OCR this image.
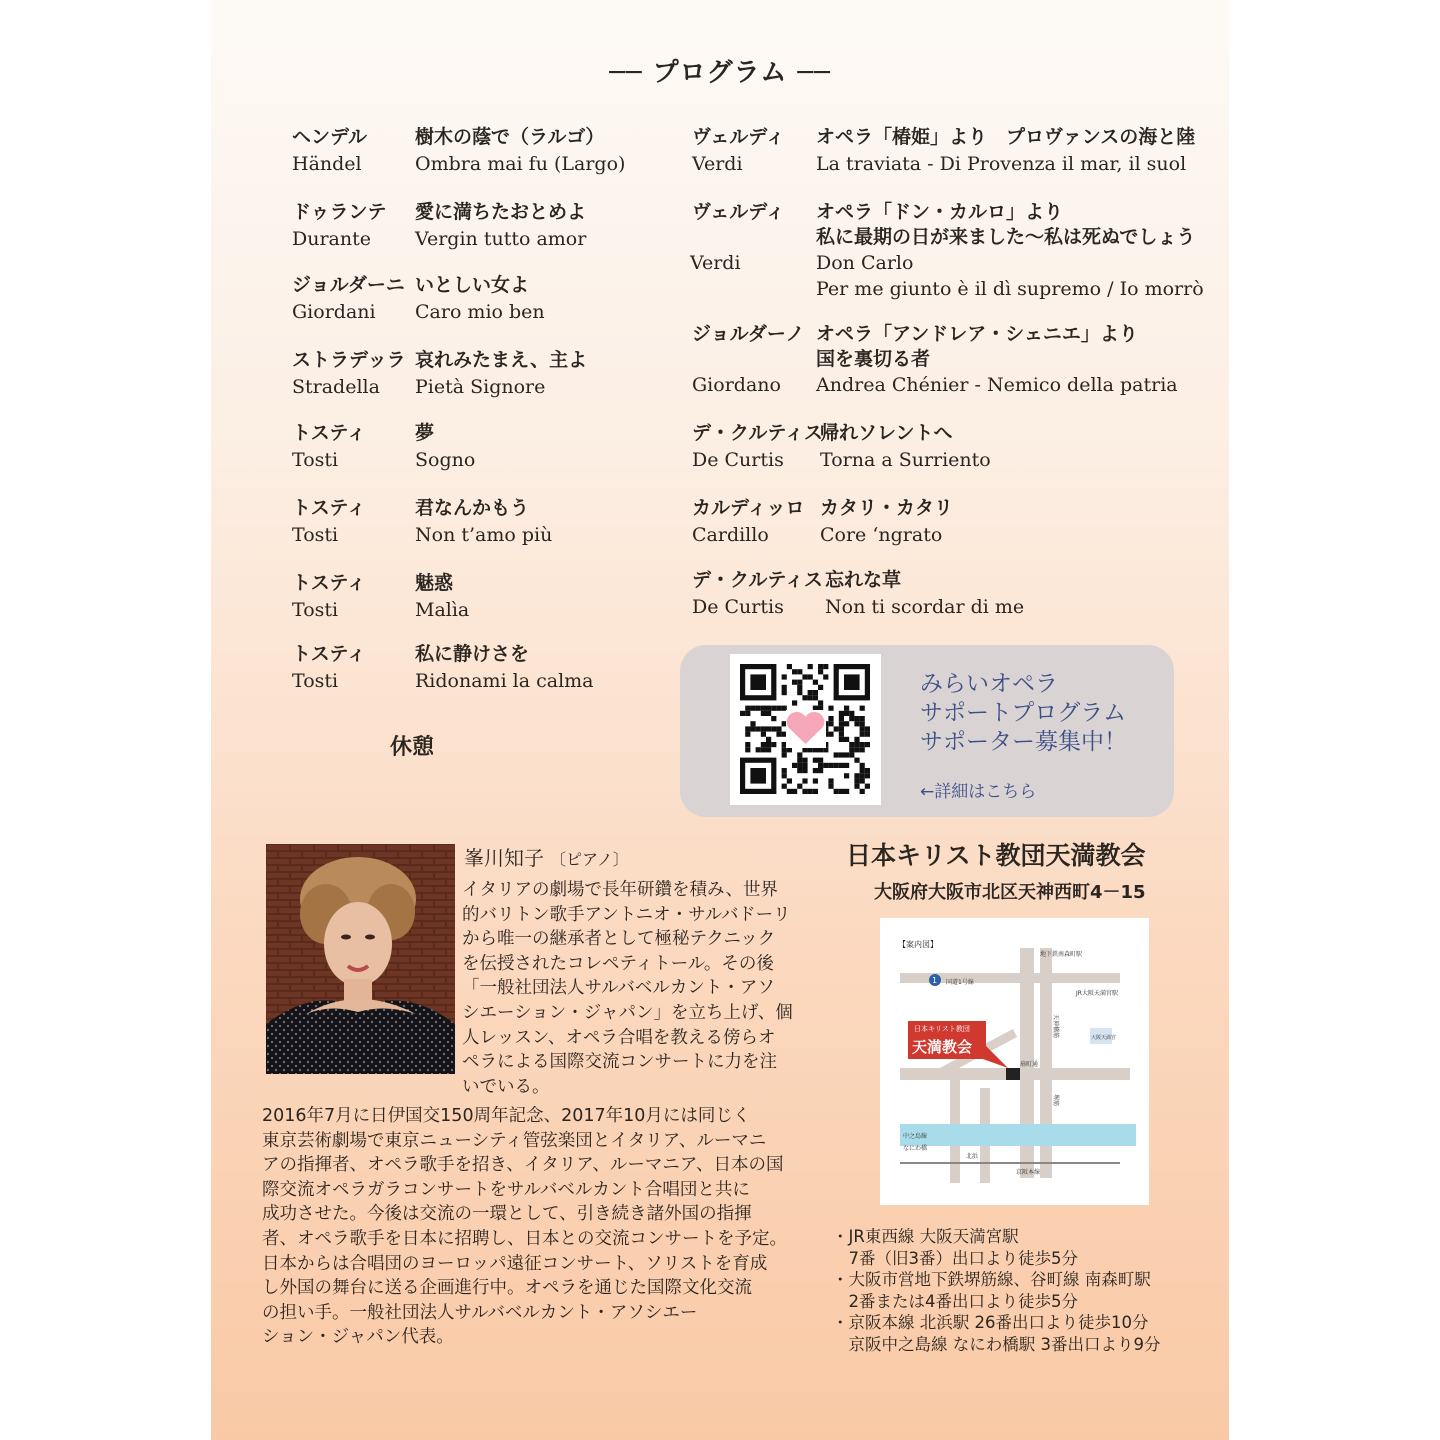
── プログラム ──
ヘンデル
Händel
樹木の蔭で（ラルゴ）
Ombra mai fu (Largo)
ドゥランテ
Durante
愛に満ちたおとめよ
Vergin tutto amor
ジョルダーニ
Giordani
いとしい女よ
Caro mio ben
ストラデッラ
Stradella
哀れみたまえ、主よ
Pietà Signore
トスティ
Tosti
夢
Sogno
トスティ
Tosti
君なんかもう
Non t’amo più
トスティ
Tosti
魅惑
Malìa
トスティ
Tosti
私に静けさを
Ridonami la calma
ヴェルディ
Verdi
オペラ「椿姫」より　プロヴァンスの海と陸
La traviata - Di Provenza il mar, il suol
ヴェルディ
Verdi
オペラ「ドン・カルロ」より
私に最期の日が来ました〜私は死ぬでしょう
Don Carlo
Per me giunto è il dì supremo / Io morrò
ジョルダーノ
Giordano
オペラ「アンドレア・シェニエ」より
国を裏切る者
Andrea Chénier - Nemico della patria
デ・クルティス
De Curtis
帰れソレントへ
Torna a Surriento
カルディッロ
Cardillo
カタリ・カタリ
Core ‘ngrato
デ・クルティス
De Curtis
忘れな草
Non ti scordar di me
休憩
みらいオペラ
サポートプログラム
サポーター募集中！
←詳細はこちら
峯川知子 〔ピアノ〕
イタリアの劇場で長年研鑽を積み、世界
的バリトン歌手アントニオ・サルバドーリ
から唯一の継承者として極秘テクニック
を伝授されたコレペティトール。その後
「一般社団法人サルバベルカント・アソ
シエーション・ジャパン」を立ち上げ、個
人レッスン、オペラ合唱を教える傍らオ
ペラによる国際交流コンサートに力を注
いでいる。
2016年7月に日伊国交150周年記念、2017年10月には同じく
東京芸術劇場で東京ニューシティ管弦楽団とイタリア、ルーマニ
アの指揮者、オペラ歌手を招き、イタリア、ルーマニア、日本の国
際交流オペラガラコンサートをサルバベルカント合唱団と共に
成功させた。今後は交流の一環として、引き続き諸外国の指揮
者、オペラ歌手を日本に招聘し、日本との交流コンサートを予定。
日本からは合唱団のヨーロッパ遠征コンサート、ソリストを育成
し外国の舞台に送る企画進行中。オペラを通じた国際文化交流
の担い手。一般社団法人サルバベルカント・アソシエー
ション・ジャパン代表。
日本キリスト教団天満教会
大阪府大阪市北区天神西町4－15
日本キリスト教団
天満教会
【案内図】
1 国道1号線
地下鉄南森町駅
JR大阪天満宮駅
大阪天満宮
中之島線
なにわ橋
北浜
京阪本線
天神橋筋
堺筋
扇町通
・JR東西線 大阪天満宮駅
　7番（旧3番）出口より徒歩5分
・大阪市営地下鉄堺筋線、谷町線 南森町駅
　2番または4番出口より徒歩5分
・京阪本線 北浜駅 26番出口より徒歩10分
　京阪中之島線 なにわ橋駅 3番出口より9分
